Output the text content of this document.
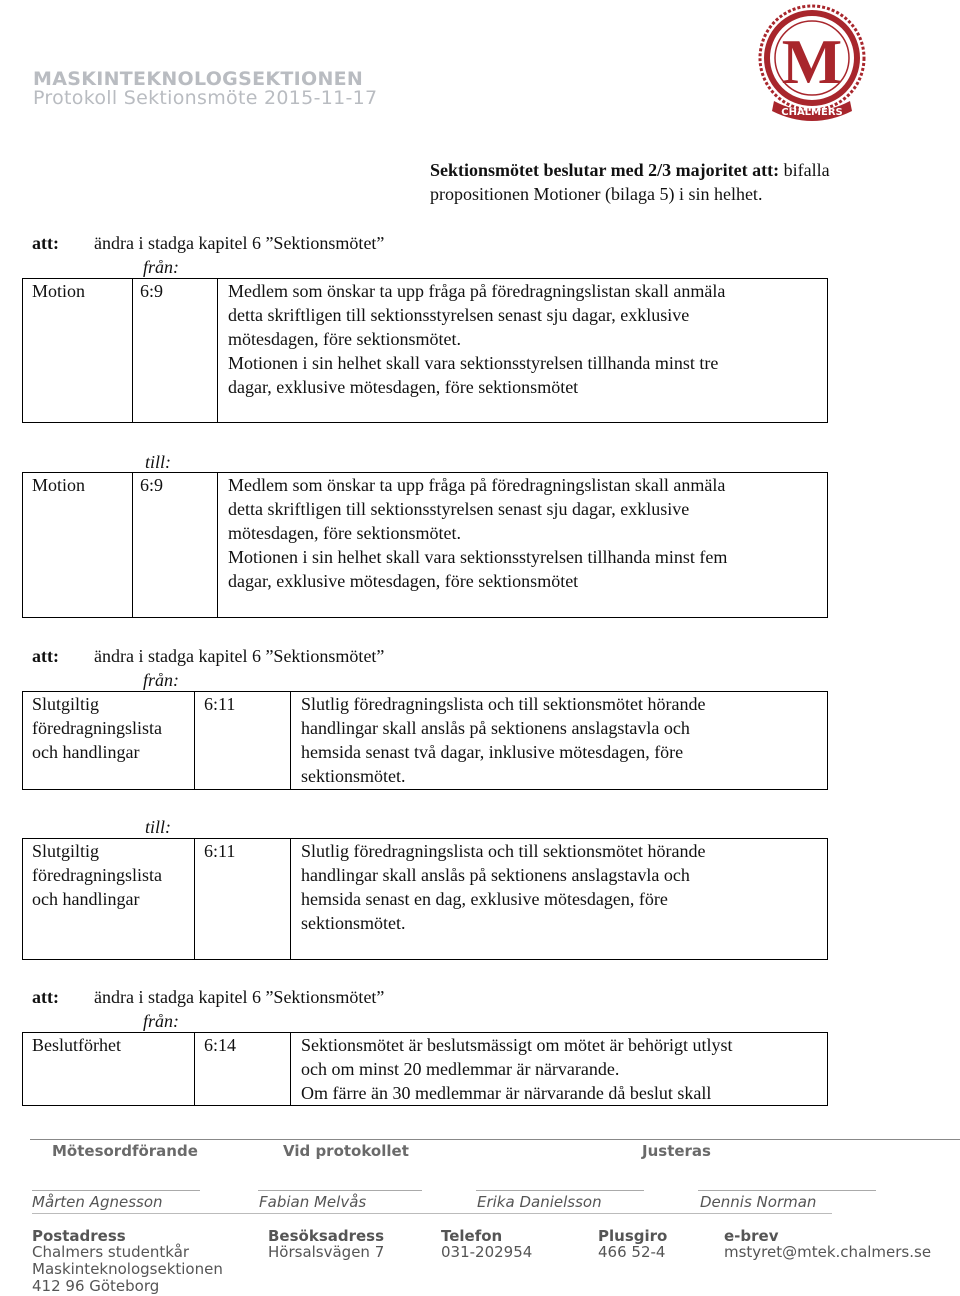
MASKINTEKNOLOGSEKTIONEN
Protokoll Sektionsmöte 2015-11-17
M
CHALMERS
Sektionsmötet beslutar med 2/3 majoritet att: bifalla
propositionen Motioner (bilaga 5) i sin helhet.
att: ändra i stadga kapitel 6 ”Sektionsmötet”
från:
Motion	6:9	Medlem som önskar ta upp fråga på föredragningslistan skall anmäla
detta skriftligen till sektionsstyrelsen senast sju dagar, exklusive
mötesdagen, före sektionsmötet.
Motionen i sin helhet skall vara sektionsstyrelsen tillhanda minst tre
dagar, exklusive mötesdagen, före sektionsmötet
till:
Motion	6:9	Medlem som önskar ta upp fråga på föredragningslistan skall anmäla
detta skriftligen till sektionsstyrelsen senast sju dagar, exklusive
mötesdagen, före sektionsmötet.
Motionen i sin helhet skall vara sektionsstyrelsen tillhanda minst fem
dagar, exklusive mötesdagen, före sektionsmötet
att: ändra i stadga kapitel 6 ”Sektionsmötet”
från:
Slutgiltig
föredragningslista
och handlingar
6:11	Slutlig föredragningslista och till sektionsmötet hörande
handlingar skall anslås på sektionens anslagstavla och
hemsida senast två dagar, inklusive mötesdagen, före
sektionsmötet.
till:
Slutgiltig
föredragningslista
och handlingar
6:11	Slutlig föredragningslista och till sektionsmötet hörande
handlingar skall anslås på sektionens anslagstavla och
hemsida senast en dag, exklusive mötesdagen, före
sektionsmötet.
att: ändra i stadga kapitel 6 ”Sektionsmötet”
från:
Beslutförhet	6:14	Sektionsmötet är beslutsmässigt om mötet är behörigt utlyst
och om minst 20 medlemmar är närvarande.
Om färre än 30 medlemmar är närvarande då beslut skall
Mötesordförande	Vid protokollet	Justeras
Mårten Agnesson	Fabian Melvås	Erika Danielsson	Dennis Norman
Postadress
Chalmers studentkår
Maskinteknologsektionen
412 96 Göteborg
Besöksadress
Hörsalsvägen 7
Telefon
031-202954
Plusgiro
466 52-4
e-brev
mstyret@mtek.chalmers.se
